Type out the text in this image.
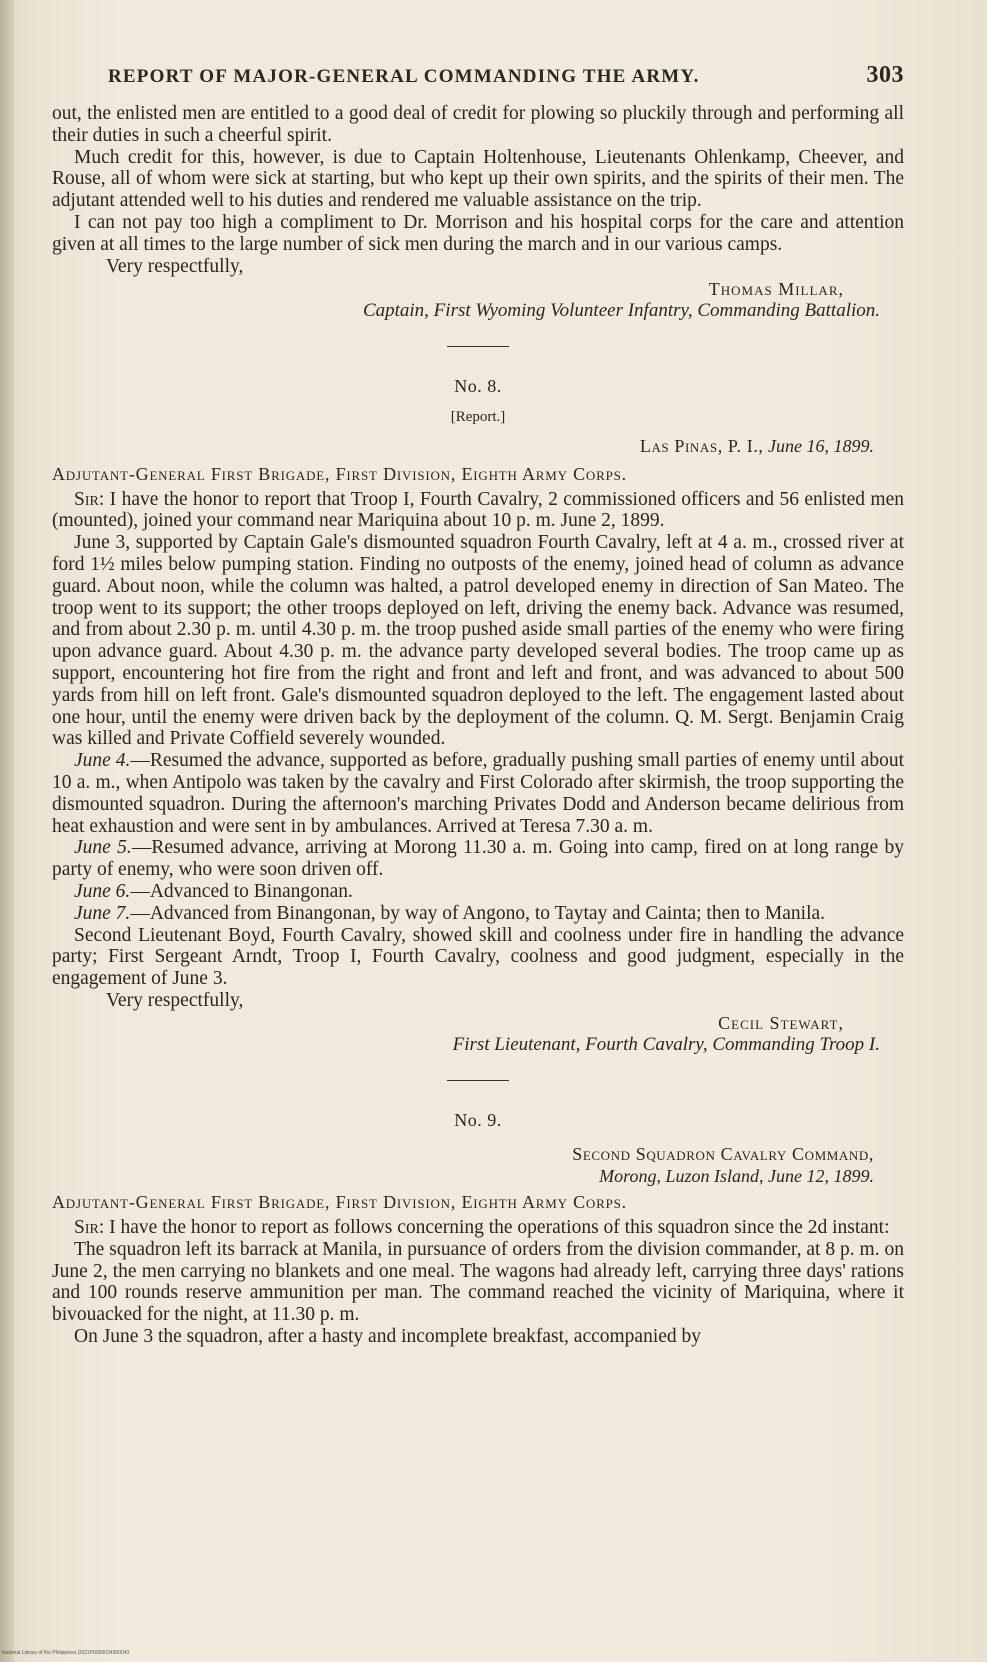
REPORT OF MAJOR-GENERAL COMMANDING THE ARMY.	303

out, the enlisted men are entitled to a good deal of credit for plowing so pluckily through and performing all their duties in such a cheerful spirit.

Much credit for this, however, is due to Captain Holtenhouse, Lieutenants Ohlenkamp, Cheever, and Rouse, all of whom were sick at starting, but who kept up their own spirits, and the spirits of their men. The adjutant attended well to his duties and rendered me valuable assistance on the trip.

I can not pay too high a compliment to Dr. Morrison and his hospital corps for the care and attention given at all times to the large number of sick men during the march and in our various camps.

Very respectfully,
Thomas Millar,
Captain, First Wyoming Volunteer Infantry, Commanding Battalion.
No. 8.
[Report.]
Las Pinas, P. I., June 16, 1899.
Adjutant-General First Brigade, First Division, Eighth Army Corps.

Sir: I have the honor to report that Troop I, Fourth Cavalry, 2 commissioned officers and 56 enlisted men (mounted), joined your command near Mariquina about 10 p. m. June 2, 1899.

June 3, supported by Captain Gale's dismounted squadron Fourth Cavalry, left at 4 a. m., crossed river at ford 1½ miles below pumping station. Finding no outposts of the enemy, joined head of column as advance guard. About noon, while the column was halted, a patrol developed enemy in direction of San Mateo. The troop went to its support; the other troops deployed on left, driving the enemy back. Advance was resumed, and from about 2.30 p. m. until 4.30 p. m. the troop pushed aside small parties of the enemy who were firing upon advance guard. About 4.30 p. m. the advance party developed several bodies. The troop came up as support, encountering hot fire from the right and front and left and front, and was advanced to about 500 yards from hill on left front. Gale's dismounted squadron deployed to the left. The engagement lasted about one hour, until the enemy were driven back by the deployment of the column. Q. M. Sergt. Benjamin Craig was killed and Private Coffield severely wounded.

June 4.—Resumed the advance, supported as before, gradually pushing small parties of enemy until about 10 a. m., when Antipolo was taken by the cavalry and First Colorado after skirmish, the troop supporting the dismounted squadron. During the afternoon's marching Privates Dodd and Anderson became delirious from heat exhaustion and were sent in by ambulances. Arrived at Teresa 7.30 a. m.

June 5.—Resumed advance, arriving at Morong 11.30 a. m. Going into camp, fired on at long range by party of enemy, who were soon driven off.

June 6.—Advanced to Binangonan.

June 7.—Advanced from Binangonan, by way of Angono, to Taytay and Cainta; then to Manila.

Second Lieutenant Boyd, Fourth Cavalry, showed skill and coolness under fire in handling the advance party; First Sergeant Arndt, Troop I, Fourth Cavalry, coolness and good judgment, especially in the engagement of June 3.

Very respectfully,
Cecil Stewart,
First Lieutenant, Fourth Cavalry, Commanding Troop I.
No. 9.
Second Squadron Cavalry Command,
Morong, Luzon Island, June 12, 1899.
Adjutant-General First Brigade, First Division, Eighth Army Corps.

Sir: I have the honor to report as follows concerning the operations of this squadron since the 2d instant:

The squadron left its barrack at Manila, in pursuance of orders from the division commander, at 8 p. m. on June 2, the men carrying no blankets and one meal. The wagons had already left, carrying three days' rations and 100 rounds reserve ammunition per man. The command reached the vicinity of Mariquina, where it bivouacked for the night, at 11.30 p. m.

On June 3 the squadron, after a hasty and incomplete breakfast, accompanied by

National Library of the Philippines D021P0000034300043
